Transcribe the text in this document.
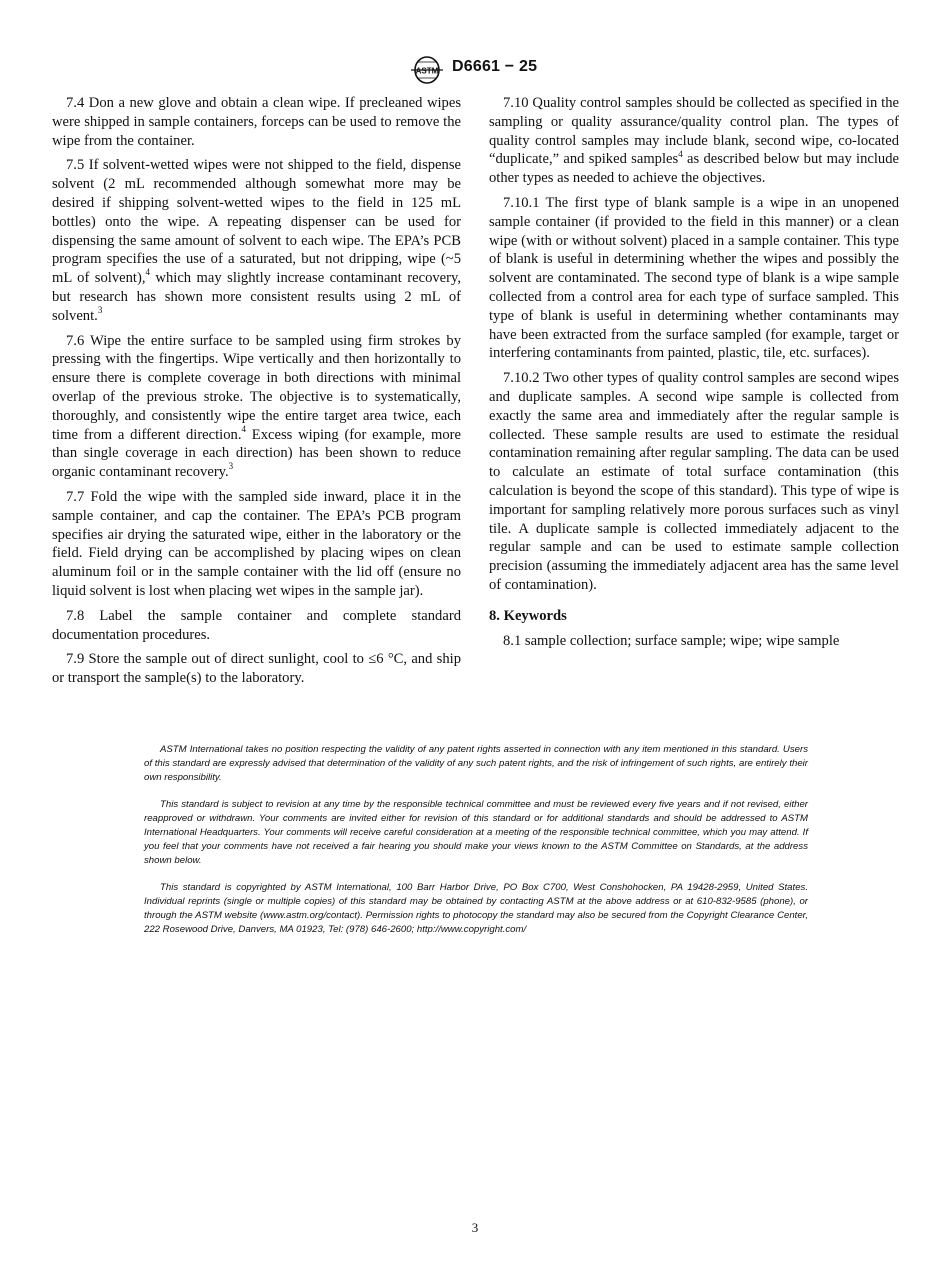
ASTM D6661 − 25

7.4 Don a new glove and obtain a clean wipe. If precleaned wipes were shipped in sample containers, forceps can be used to remove the wipe from the container.

7.5 If solvent-wetted wipes were not shipped to the field, dispense solvent (2 mL recommended although somewhat more may be desired if shipping solvent-wetted wipes to the field in 125 mL bottles) onto the wipe. A repeating dispenser can be used for dispensing the same amount of solvent to each wipe. The EPA’s PCB program specifies the use of a saturated, but not dripping, wipe (~5 mL of solvent),$^4$ which may slightly increase contaminant recovery, but research has shown more consistent results using 2 mL of solvent.$^3$

7.6 Wipe the entire surface to be sampled using firm strokes by pressing with the fingertips. Wipe vertically and then horizontally to ensure there is complete coverage in both directions with minimal overlap of the previous stroke. The objective is to systematically, thoroughly, and consistently wipe the entire target area twice, each time from a different direction.$^4$ Excess wiping (for example, more than single coverage in each direction) has been shown to reduce organic contaminant recovery.$^3$

7.7 Fold the wipe with the sampled side inward, place it in the sample container, and cap the container. The EPA’s PCB program specifies air drying the saturated wipe, either in the laboratory or the field. Field drying can be accomplished by placing wipes on clean aluminum foil or in the sample container with the lid off (ensure no liquid solvent is lost when placing wet wipes in the sample jar).

7.8 Label the sample container and complete standard documentation procedures.

7.9 Store the sample out of direct sunlight, cool to ≤6 °C, and ship or transport the sample(s) to the laboratory.

7.10 Quality control samples should be collected as specified in the sampling or quality assurance/quality control plan. The types of quality control samples may include blank, second wipe, co-located “duplicate,” and spiked samples$^4$ as described below but may include other types as needed to achieve the objectives.

7.10.1 The first type of blank sample is a wipe in an unopened sample container (if provided to the field in this manner) or a clean wipe (with or without solvent) placed in a sample container. This type of blank is useful in determining whether the wipes and possibly the solvent are contaminated. The second type of blank is a wipe sample collected from a control area for each type of surface sampled. This type of blank is useful in determining whether contaminants may have been extracted from the surface sampled (for example, target or interfering contaminants from painted, plastic, tile, etc. surfaces).

7.10.2 Two other types of quality control samples are second wipes and duplicate samples. A second wipe sample is collected from exactly the same area and immediately after the regular sample is collected. These sample results are used to estimate the residual contamination remaining after regular sampling. The data can be used to calculate an estimate of total surface contamination (this calculation is beyond the scope of this standard). This type of wipe is important for sampling relatively more porous surfaces such as vinyl tile. A duplicate sample is collected immediately adjacent to the regular sample and can be used to estimate sample collection precision (assuming the immediately adjacent area has the same level of contamination).

8. Keywords

8.1 sample collection; surface sample; wipe; wipe sample

ASTM International takes no position respecting the validity of any patent rights asserted in connection with any item mentioned in this standard. Users of this standard are expressly advised that determination of the validity of any such patent rights, and the risk of infringement of such rights, are entirely their own responsibility.

This standard is subject to revision at any time by the responsible technical committee and must be reviewed every five years and if not revised, either reapproved or withdrawn. Your comments are invited either for revision of this standard or for additional standards and should be addressed to ASTM International Headquarters. Your comments will receive careful consideration at a meeting of the responsible technical committee, which you may attend. If you feel that your comments have not received a fair hearing you should make your views known to the ASTM Committee on Standards, at the address shown below.

This standard is copyrighted by ASTM International, 100 Barr Harbor Drive, PO Box C700, West Conshohocken, PA 19428-2959, United States. Individual reprints (single or multiple copies) of this standard may be obtained by contacting ASTM at the above address or at 610-832-9585 (phone), or through the ASTM website (www.astm.org/contact). Permission rights to photocopy the standard may also be secured from the Copyright Clearance Center, 222 Rosewood Drive, Danvers, MA 01923, Tel: (978) 646-2600; http://www.copyright.com/

3
